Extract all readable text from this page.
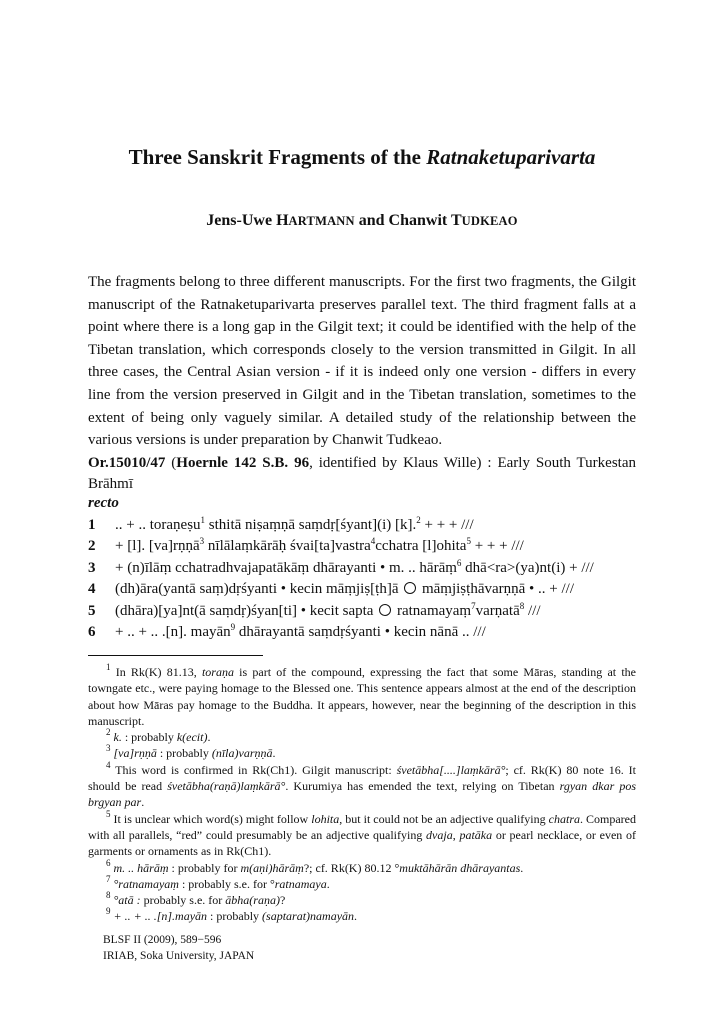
Three Sanskrit Fragments of the Ratnaketuparivarta
Jens-Uwe HARTMANN and Chanwit TUDKEAO

The fragments belong to three different manuscripts. For the first two fragments, the Gilgit manuscript of the Ratnaketuparivarta preserves parallel text. The third fragment falls at a point where there is a long gap in the Gilgit text; it could be identified with the help of the Tibetan translation, which corresponds closely to the version transmitted in Gilgit. In all three cases, the Central Asian version - if it is indeed only one version - differs in every line from the version preserved in Gilgit and in the Tibetan translation, sometimes to the extent of being only vaguely similar. A detailed study of the relationship between the various versions is under preparation by Chanwit Tudkeao.

Or.15010/47 (Hoernle 142 S.B. 96, identified by Klaus Wille) : Early South Turkestan Brāhmī

recto
1 .. + .. toraṇeṣu$^1$ sthitā niṣaṃṇā saṃdṛ[śyant](i) [k].$^2$ + + + ///
2 + [l]. [va]rṇṇā$^3$ nīlālaṃkārāḥ śvai[ta]vastra$^4$cchatra [l]ohita$^5$ + + + ///
3 + (n)īlāṃ cchatradhvajapatākāṃ dhārayanti • m. .. hārāṃ$^6$ dhā<ra>(ya)nt(i) + ///
4 (dh)āra(yantā saṃ)dṛśyanti • kecin māṃjiṣ[ṭh]ā māṃjiṣṭhāvarṇṇā • .. + ///
5 (dhāra)[ya]nt(ā saṃdṛ)śyan[ti] • kecit sapta ratnamayaṃ$^7$varṇatā$^8$ ///
6 + .. + .. .[n]. mayān$^9$ dhārayantā saṃdṛśyanti • kecin nānā .. ///

$^1$ In Rk(K) 81.13, toraṇa is part of the compound, expressing the fact that some Māras, standing at the towngate etc., were paying homage to the Blessed one. This sentence appears almost at the end of the description about how Māras pay homage to the Buddha. It appears, however, near the beginning of the description in this manuscript.

$^2$ k. : probably k(ecit).

$^3$ [va]rṇṇā : probably (nīla)varṇṇā.

$^4$ This word is confirmed in Rk(Ch1). Gilgit manuscript: śvetābha[....]laṃkārā°; cf. Rk(K) 80 note 16. It should be read śvetābha(raṇā)laṃkārā°. Kurumiya has emended the text, relying on Tibetan rgyan dkar pos brgyan par.

$^5$ It is unclear which word(s) might follow lohita, but it could not be an adjective qualifying chatra. Compared with all parallels, “red” could presumably be an adjective qualifying dvaja, patāka or pearl necklace, or even of garments or ornaments as in Rk(Ch1).

$^6$ m. .. hārāṃ : probably for m(aṇi)hārāṃ?; cf. Rk(K) 80.12 °muktāhārān dhārayantas.

$^7$ °ratnamayaṃ : probably s.e. for °ratnamaya.

$^8$ °atā : probably s.e. for ābha(raṇa)?

$^9$ + .. + .. .[n].mayān : probably (saptarat)namayān.

BLSF II (2009), 589−596
IRIAB, Soka University, JAPAN
